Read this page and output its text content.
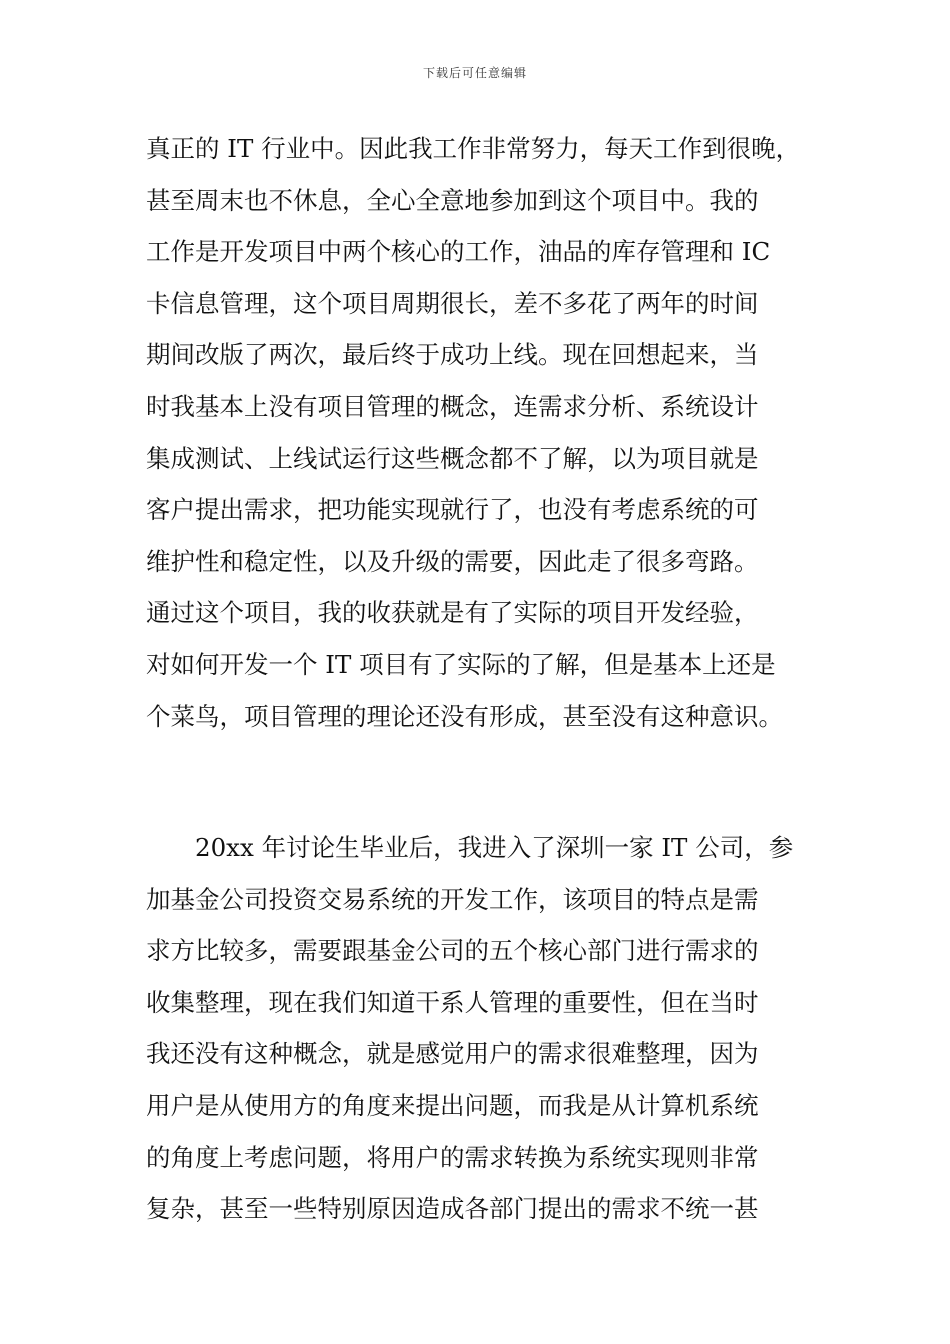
下载后可任意编辑
真正的 IT 行业中。因此我工作非常努力，每天工作到很晚，
甚至周末也不休息，全心全意地参加到这个项目中。我的
工作是开发项目中两个核心的工作，油品的库存管理和 IC
卡信息管理，这个项目周期很长，差不多花了两年的时间
期间改版了两次，最后终于成功上线。现在回想起来，当
时我基本上没有项目管理的概念，连需求分析、系统设计
集成测试、上线试运行这些概念都不了解，以为项目就是
客户提出需求，把功能实现就行了，也没有考虑系统的可
维护性和稳定性，以及升级的需要，因此走了很多弯路。
通过这个项目，我的收获就是有了实际的项目开发经验，
对如何开发一个 IT 项目有了实际的了解，但是基本上还是
个菜鸟，项目管理的理论还没有形成，甚至没有这种意识。
20xx 年讨论生毕业后，我进入了深圳一家 IT 公司，参
加基金公司投资交易系统的开发工作，该项目的特点是需
求方比较多，需要跟基金公司的五个核心部门进行需求的
收集整理，现在我们知道干系人管理的重要性，但在当时
我还没有这种概念，就是感觉用户的需求很难整理，因为
用户是从使用方的角度来提出问题，而我是从计算机系统
的角度上考虑问题，将用户的需求转换为系统实现则非常
复杂，甚至一些特别原因造成各部门提出的需求不统一甚
